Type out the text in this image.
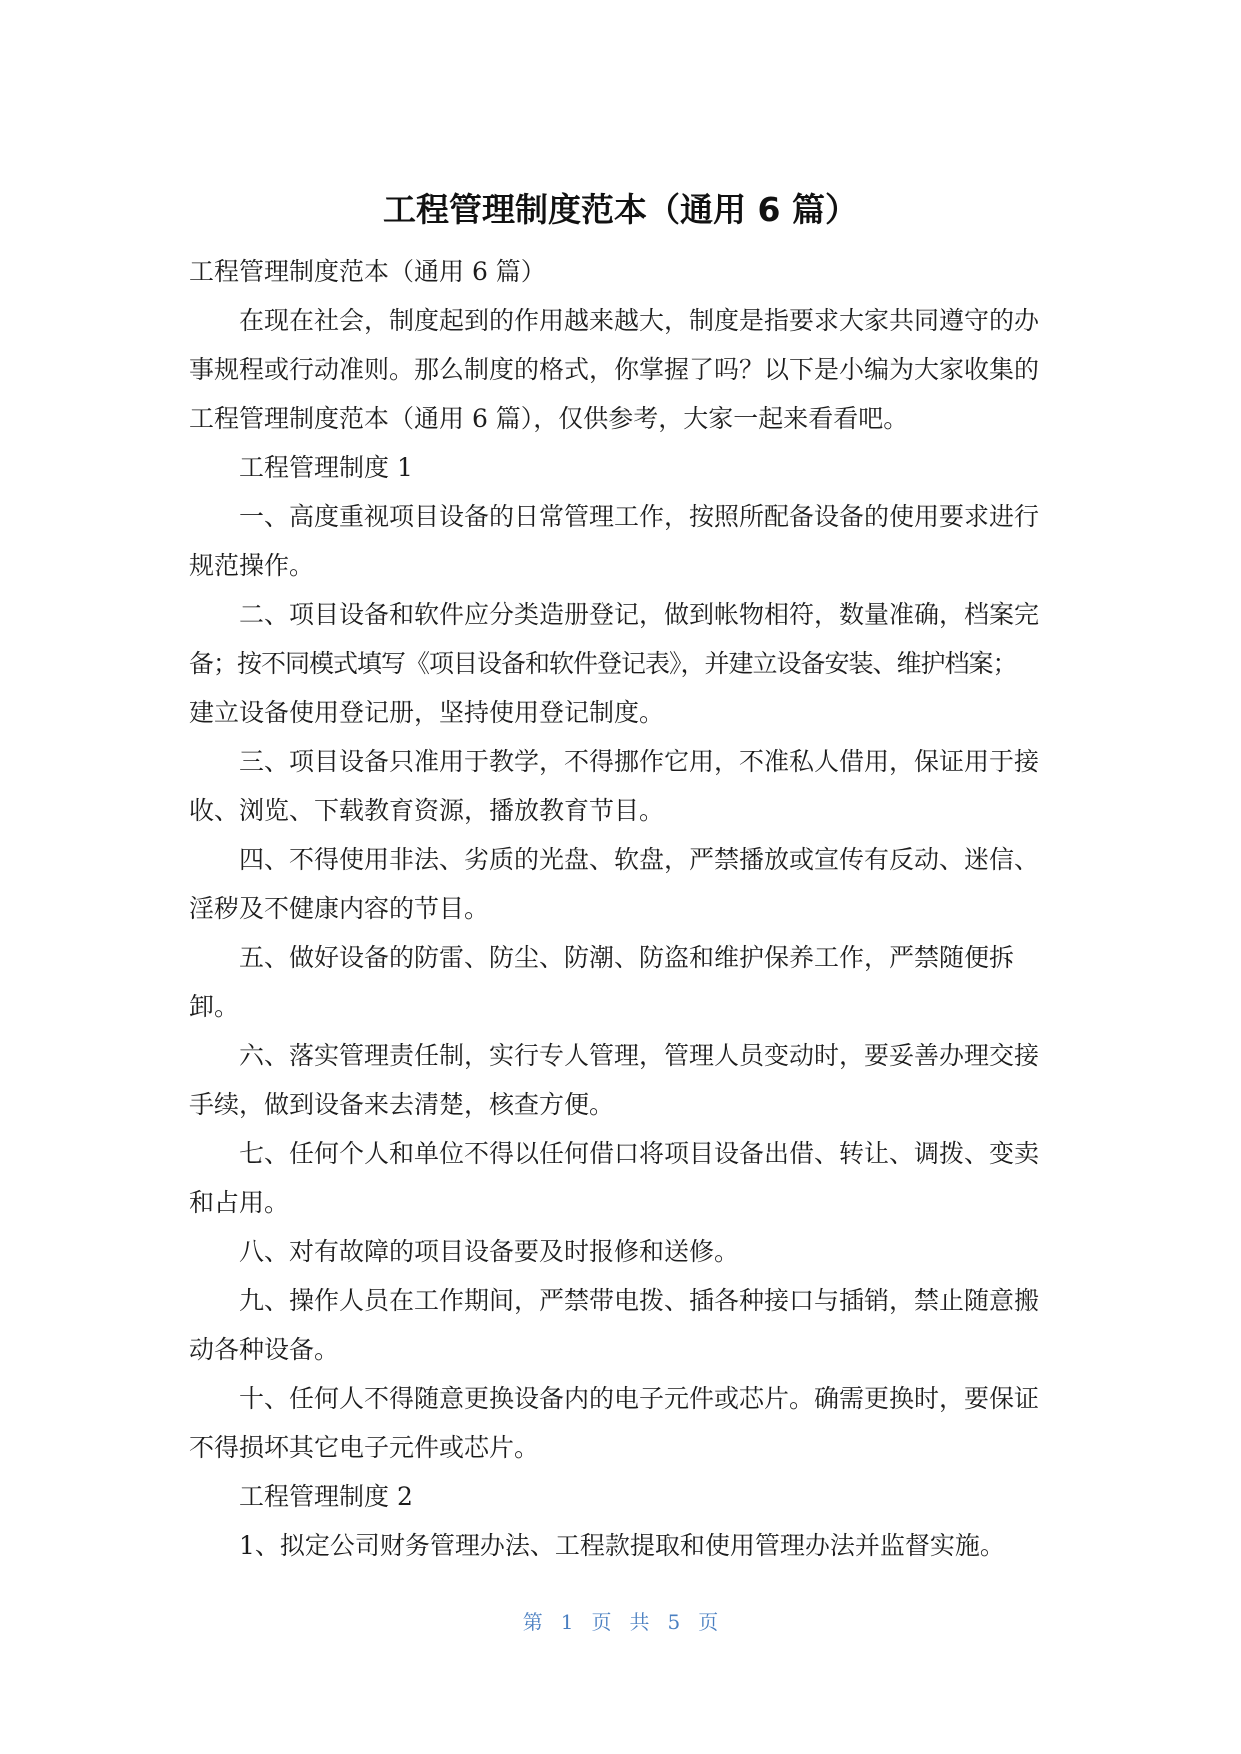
工程管理制度范本（通用 6 篇）
工程管理制度范本（通用 6 篇）
在现在社会，制度起到的作用越来越大，制度是指要求大家共同遵守的办
事规程或行动准则。那么制度的格式，你掌握了吗？以下是小编为大家收集的
工程管理制度范本（通用 6 篇），仅供参考，大家一起来看看吧。
工程管理制度 1
一、高度重视项目设备的日常管理工作，按照所配备设备的使用要求进行
规范操作。
二、项目设备和软件应分类造册登记，做到帐物相符，数量准确，档案完
备；按不同模式填写《项目设备和软件登记表》，并建立设备安装、维护档案；
建立设备使用登记册，坚持使用登记制度。
三、项目设备只准用于教学，不得挪作它用，不准私人借用，保证用于接
收、浏览、下载教育资源，播放教育节目。
四、不得使用非法、劣质的光盘、软盘，严禁播放或宣传有反动、迷信、
淫秽及不健康内容的节目。
五、做好设备的防雷、防尘、防潮、防盗和维护保养工作，严禁随便拆
卸。
六、落实管理责任制，实行专人管理，管理人员变动时，要妥善办理交接
手续，做到设备来去清楚，核查方便。
七、任何个人和单位不得以任何借口将项目设备出借、转让、调拨、变卖
和占用。
八、对有故障的项目设备要及时报修和送修。
九、操作人员在工作期间，严禁带电拨、插各种接口与插销，禁止随意搬
动各种设备。
十、任何人不得随意更换设备内的电子元件或芯片。确需更换时，要保证
不得损坏其它电子元件或芯片。
工程管理制度 2
1、拟定公司财务管理办法、工程款提取和使用管理办法并监督实施。
第 1 页 共 5 页
